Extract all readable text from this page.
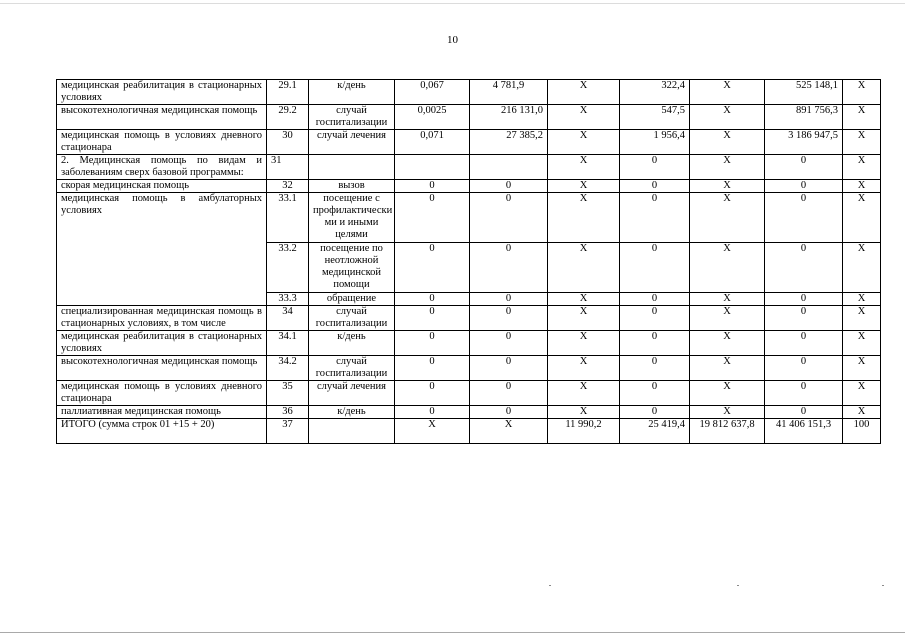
10
медицинская реабилитация в стационарных условиях	29.1	к/день	0,067	4 781,9	X	322,4	X	525 148,1	X
высокотехнологичная медицинская помощь	29.2	случай госпитализации	0,0025	216 131,0	X	547,5	X	891 756,3	X
медицинская помощь в условиях дневного стационара	30	случай лечения	0,071	27 385,2	X	1 956,4	X	3 186 947,5	X
2. Медицинская помощь по видам и заболеваниям сверх базовой программы:	31				X	0	X	0	X
скорая медицинская помощь	32	вызов	0	0	X	0	X	0	X
медицинская помощь в амбулаторных условиях	33.1	посещение с профилактически ми и иными целями	0	0	X	0	X	0	X
	33.2	посещение по неотложной медицинской помощи	0	0	X	0	X	0	X
	33.3	обращение	0	0	X	0	X	0	X
специализированная медицинская помощь в стационарных условиях, в том числе	34	случай госпитализации	0	0	X	0	X	0	X
медицинская реабилитация в стационарных условиях	34.1	к/день	0	0	X	0	X	0	X
высокотехнологичная медицинская помощь	34.2	случай госпитализации	0	0	X	0	X	0	X
медицинская помощь в условиях дневного стационара	35	случай лечения	0	0	X	0	X	0	X
паллиативная медицинская помощь	36	к/день	0	0	X	0	X	0	X
ИТОГО (сумма строк 01 +15 + 20)	37		X	X	11 990,2	25 419,4	19 812 637,8	41 406 151,3	100
